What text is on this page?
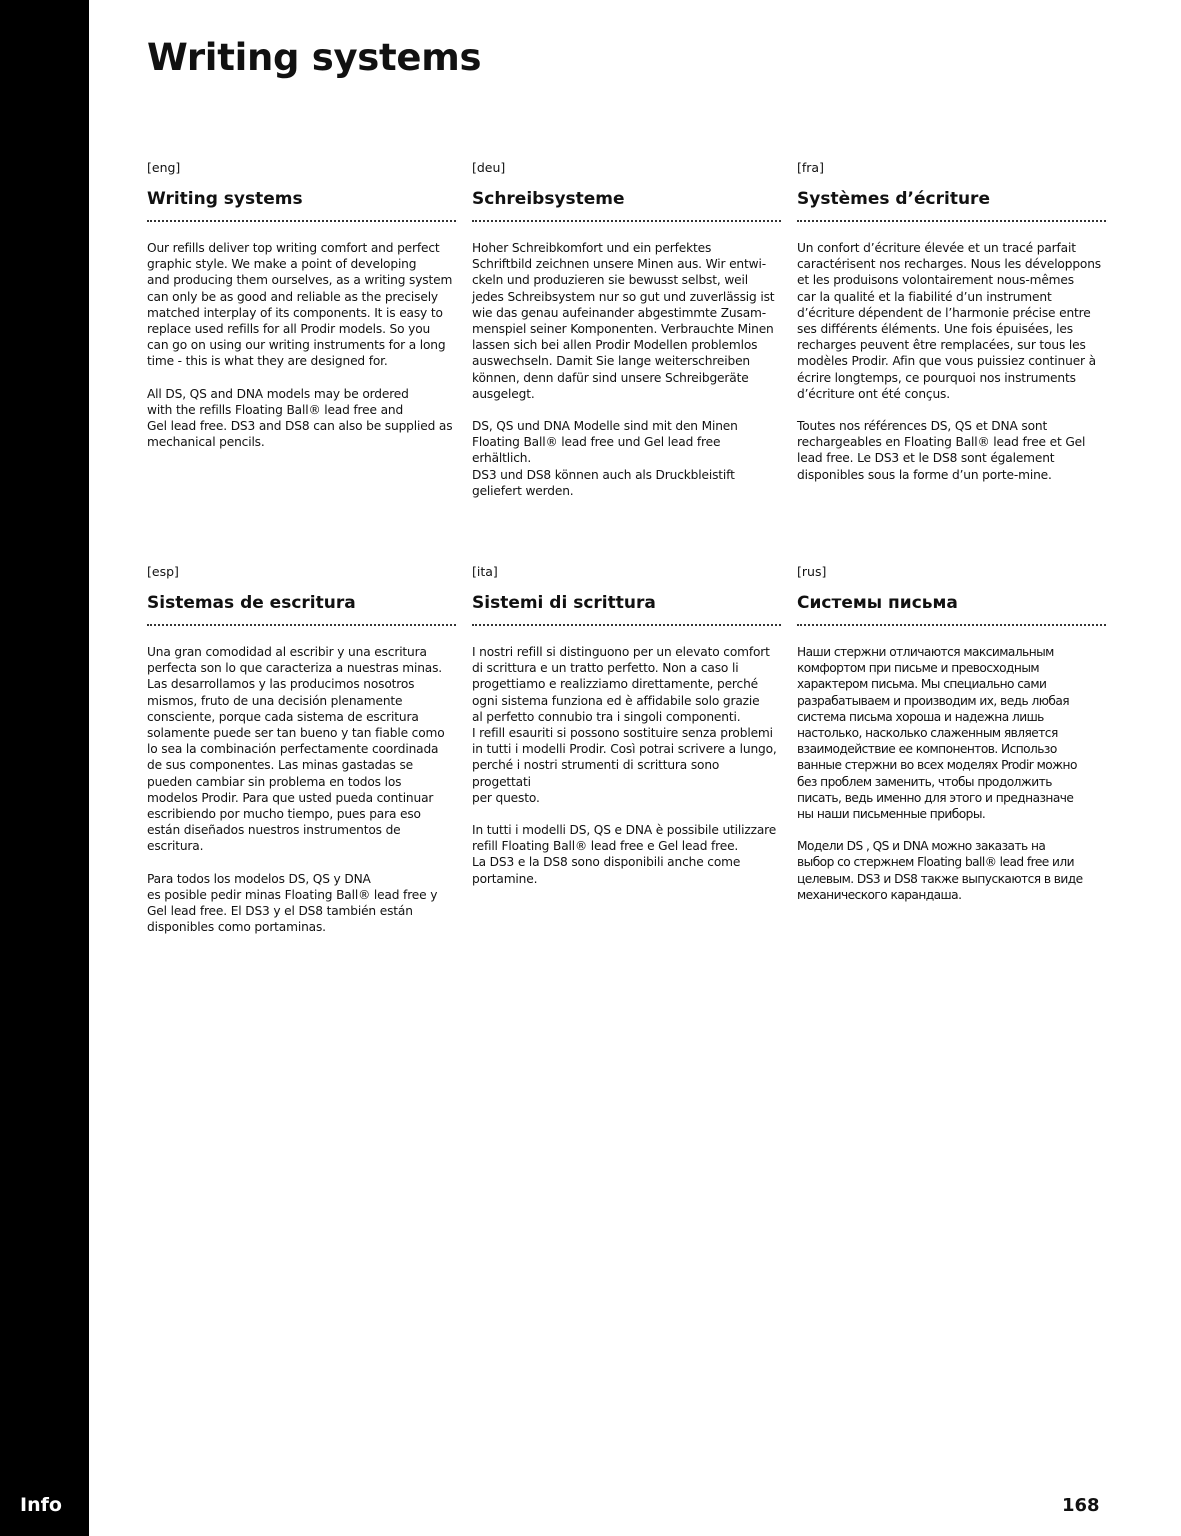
Info
Writing systems
[eng]
Writing systems

Our refills deliver top writing comfort and perfect
graphic style. We make a point of developing
and producing them ourselves, as a writing system
can only be as good and reliable as the precisely
matched interplay of its components. It is easy to
replace used refills for all Prodir models. So you
can go on using our writing instruments for a long
time - this is what they are designed for.

All DS, QS and DNA models may be ordered
with the refills Floating Ball® lead free and
Gel lead free. DS3 and DS8 can also be supplied as
mechanical pencils.

[deu]
Schreibsysteme

Hoher Schreibkomfort und ein perfektes
Schriftbild zeichnen unsere Minen aus. Wir entwi-
ckeln und produzieren sie bewusst selbst, weil
jedes Schreibsystem nur so gut und zuverlässig ist
wie das genau aufeinander abgestimmte Zusam-
menspiel seiner Komponenten. Verbrauchte Minen
lassen sich bei allen Prodir Modellen problemlos
auswechseln. Damit Sie lange weiterschreiben
können, denn dafür sind unsere Schreibgeräte
ausgelegt.

DS, QS und DNA Modelle sind mit den Minen
Floating Ball® lead free und Gel lead free erhältlich.
DS3 und DS8 können auch als Druckbleistift
geliefert werden.

[fra]
Systèmes d’écriture

Un confort d’écriture élevée et un tracé parfait
caractérisent nos recharges. Nous les développons
et les produisons volontairement nous-mêmes
car la qualité et la fiabilité d’un instrument
d’écriture dépendent de l’harmonie précise entre
ses différents éléments. Une fois épuisées, les
recharges peuvent être remplacées, sur tous les
modèles Prodir. Afin que vous puissiez continuer à
écrire longtemps, ce pourquoi nos instruments
d’écriture ont été conçus.

Toutes nos références DS, QS et DNA sont
rechargeables en Floating Ball® lead free et Gel
lead free. Le DS3 et le DS8 sont également
disponibles sous la forme d’un porte-mine.

[esp]
Sistemas de escritura

Una gran comodidad al escribir y una escritura
perfecta son lo que caracteriza a nuestras minas.
Las desarrollamos y las producimos nosotros
mismos, fruto de una decisión plenamente
consciente, porque cada sistema de escritura
solamente puede ser tan bueno y tan fiable como
lo sea la combinación perfectamente coordinada
de sus componentes. Las minas gastadas se
pueden cambiar sin problema en todos los
modelos Prodir. Para que usted pueda continuar
escribiendo por mucho tiempo, pues para eso
están diseñados nuestros instrumentos de
escritura.

Para todos los modelos DS, QS y DNA
es posible pedir minas Floating Ball® lead free y
Gel lead free. El DS3 y el DS8 también están
disponibles como portaminas.

[ita]
Sistemi di scrittura

I nostri refill si distinguono per un elevato comfort
di scrittura e un tratto perfetto. Non a caso li
progettiamo e realizziamo direttamente, perché
ogni sistema funziona ed è affidabile solo grazie
al perfetto connubio tra i singoli componenti.
I refill esauriti si possono sostituire senza problemi
in tutti i modelli Prodir. Così potrai scrivere a lungo,
perché i nostri strumenti di scrittura sono progettati
per questo.

In tutti i modelli DS, QS e DNA è possibile utilizzare
refill Floating Ball® lead free e Gel lead free.
La DS3 e la DS8 sono disponibili anche come
portamine.

[rus]
Системы письма

Наши стержни отличаются максимальным
комфортом при письме и превосходным
характером письма. Мы специально сами
разрабатываем и производим их, ведь любая
система письма хороша и надежна лишь
настолько, насколько слаженным является
взаимодействие ее компонентов. Использо
ванные стержни во всех моделях Prodir можно
без проблем заменить, чтобы продолжить
писать, ведь именно для этого и предназначе
ны наши письменные приборы.

Модели DS , QS и DNA можно заказать на
выбор со стержнем Floating ball® lead free или
целевым. DS3 и DS8 также выпускаются в виде
механического карандаша.

168
